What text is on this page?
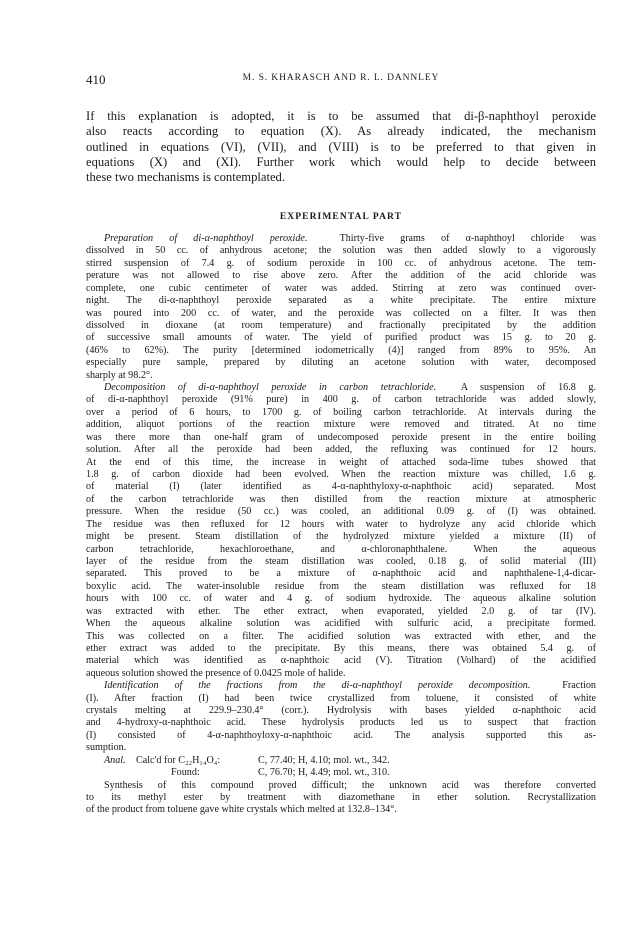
410	M. S. KHARASCH AND R. L. DANNLEY

If this explanation is adopted, it is to be assumed that di-β-naphthoyl peroxide
also reacts according to equation (X). As already indicated, the mechanism
outlined in equations (VI), (VII), and (VIII) is to be preferred to that given in
equations (X) and (XI). Further work which would help to decide between
these two mechanisms is contemplated.

EXPERIMENTAL PART
Preparation of di-α-naphthoyl peroxide.	Thirty-five grams of α-naphthoyl chloride was
dissolved in 50 cc. of anhydrous acetone; the solution was then added slowly to a vigorously
stirred suspension of 7.4 g. of sodium peroxide in 100 cc. of anhydrous acetone. The tem-
perature was not allowed to rise above zero. After the addition of the acid chloride was
complete, one cubic centimeter of water was added. Stirring at zero was continued over-
night. The di-α-naphthoyl peroxide separated as a white precipitate. The entire mixture
was poured into 200 cc. of water, and the peroxide was collected on a filter. It was then
dissolved in dioxane (at room temperature) and fractionally precipitated by the addition
of successive small amounts of water. The yield of purified product was 15 g. to 20 g.
(46% to 62%). The purity [determined iodometrically (4)] ranged from 89% to 95%. An
especially pure sample, prepared by diluting an acetone solution with water, decomposed
sharply at 98.2°.
Decomposition of di-α-naphthoyl peroxide in carbon tetrachloride. A suspension of 16.8 g.
of di-α-naphthoyl peroxide (91% pure) in 400 g. of carbon tetrachloride was added slowly,
over a period of 6 hours, to 1700 g. of boiling carbon tetrachloride. At intervals during the
addition, aliquot portions of the reaction mixture were removed and titrated. At no time
was there more than one-half gram of undecomposed peroxide present in the entire boiling
solution. After all the peroxide had been added, the refluxing was continued for 12 hours.
At the end of this time, the increase in weight of attached soda-lime tubes showed that
1.8 g. of carbon dioxide had been evolved. When the reaction mixture was chilled, 1.6 g.
of material (I) (later identified as 4-α-naphthyloxy-α-naphthoic acid) separated. Most
of the carbon tetrachloride was then distilled from the reaction mixture at atmospheric
pressure. When the residue (50 cc.) was cooled, an additional 0.09 g. of (I) was obtained.
The residue was then refluxed for 12 hours with water to hydrolyze any acid chloride which
might be present. Steam distillation of the hydrolyzed mixture yielded a mixture (II) of
carbon tetrachloride, hexachloroethane, and α-chloronaphthalene. When the aqueous
layer of the residue from the steam distillation was cooled, 0.18 g. of solid material (III)
separated. This proved to be a mixture of α-naphthoic acid and naphthalene-1,4-dicar-
boxylic acid. The water-insoluble residue from the steam distillation was refluxed for 18
hours with 100 cc. of water and 4 g. of sodium hydroxide. The aqueous alkaline solution
was extracted with ether. The ether extract, when evaporated, yielded 2.0 g. of tar (IV).
When the aqueous alkaline solution was acidified with sulfuric acid, a precipitate formed.
This was collected on a filter. The acidified solution was extracted with ether, and the
ether extract was added to the precipitate. By this means, there was obtained 5.4 g. of
material which was identified as α-naphthoic acid (V). Titration (Volhard) of the acidified
aqueous solution showed the presence of 0.0425 mole of halide.
Identification of the fractions from the di-α-naphthoyl peroxide decomposition.	Fraction
(I). After fraction (I) had been twice crystallized from toluene, it consisted of white
crystals melting at 229.9–230.4° (corr.). Hydrolysis with bases yielded α-naphthoic acid
and 4-hydroxy-α-naphthoic acid. These hydrolysis products led us to suspect that fraction
(I) consisted of 4-α-naphthoyloxy-α-naphthoic acid. The analysis supported this as-
sumption.
Anal. Calc'd for C₂₂H₁₄O₄:	C, 77.40; H, 4.10; mol. wt., 342.
Found:	C, 76.70; H, 4.49; mol. wt., 310.
Synthesis of this compound proved difficult; the unknown acid was therefore converted
to its methyl ester by treatment with diazomethane in ether solution. Recrystallization
of the product from toluene gave white crystals which melted at 132.8–134°.
